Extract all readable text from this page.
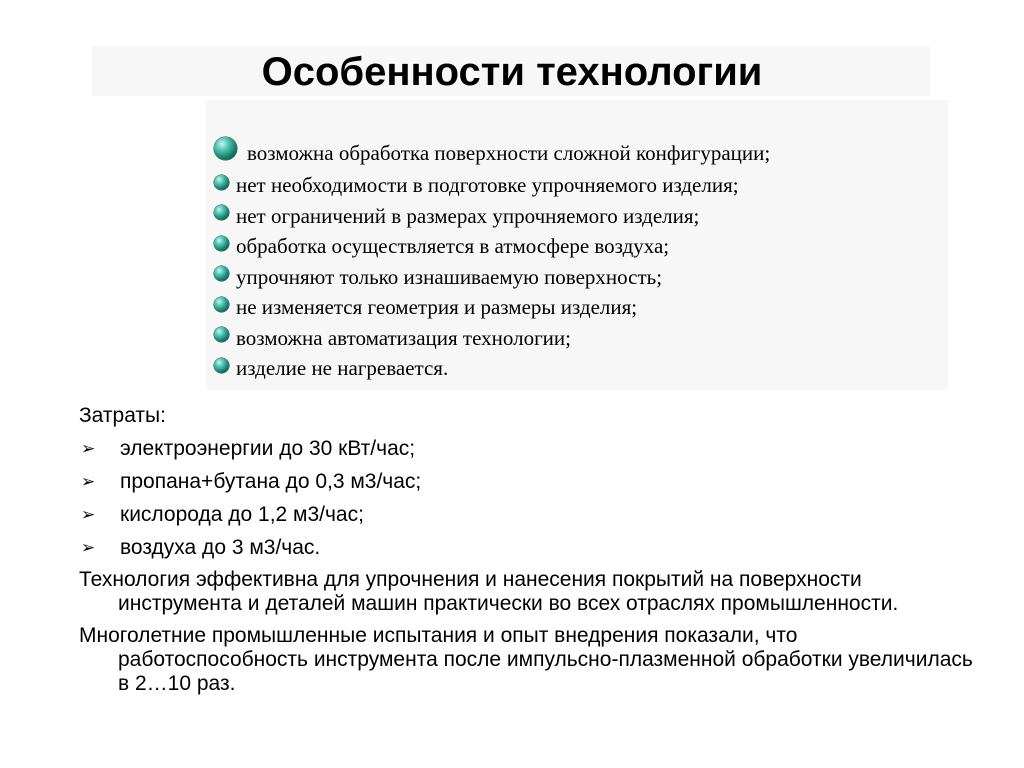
Особенности технологии
возможна обработка поверхности сложной конфигурации;
нет необходимости в подготовке упрочняемого изделия;
нет ограничений в размерах упрочняемого изделия;
обработка осуществляется в атмосфере воздуха;
упрочняют только изнашиваемую поверхность;
не изменяется геометрия и размеры изделия;
возможна автоматизация технологии;
изделие не нагревается.
Затраты:
➢	электроэнергии до 30 кВт/час;
➢	пропана+бутана до 0,3 м3/час;
➢	кислорода до 1,2 м3/час;
➢	воздуха до 3 м3/час.

Технология эффективна для упрочнения и нанесения покрытий на поверхности инструмента и деталей машин практически во всех отраслях промышленности.

Многолетние промышленные испытания и опыт внедрения показали, что работоспособность инструмента после импульсно-плазменной обработки увеличилась в 2…10 раз.
